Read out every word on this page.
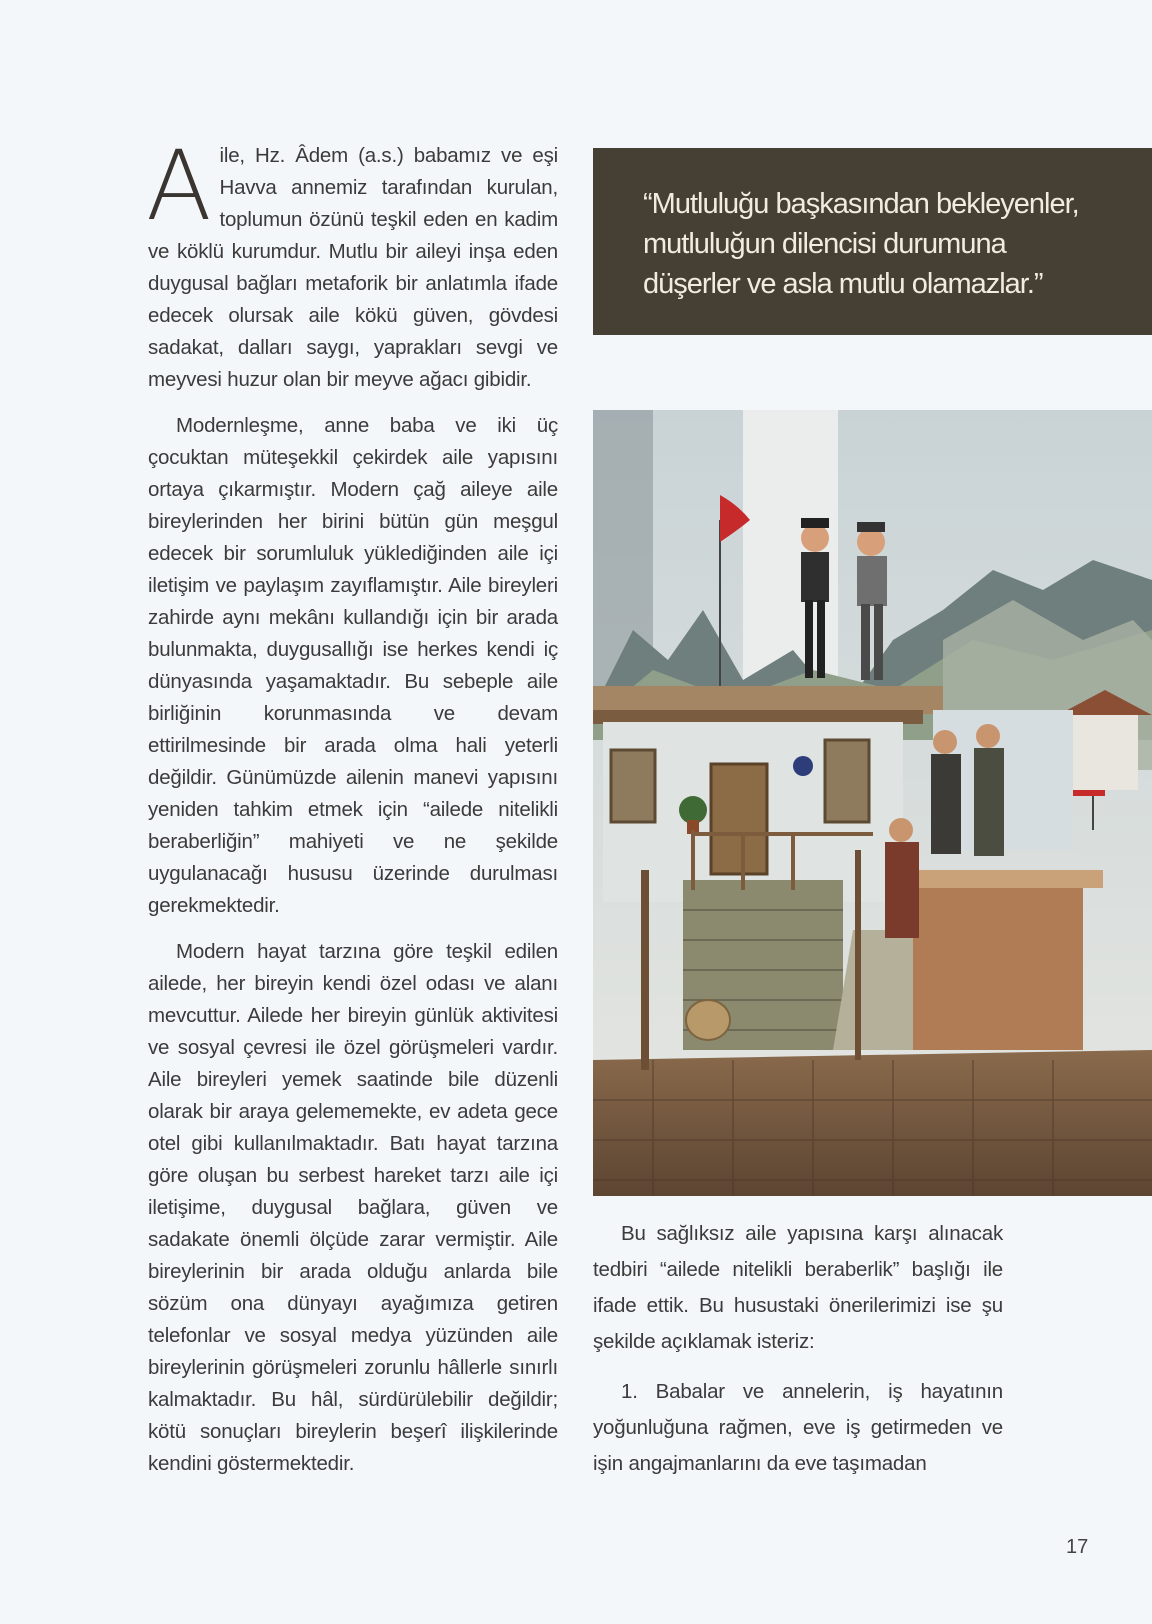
Aile, Hz. Âdem (a.s.) babamız ve eşi Havva annemiz tarafından kurulan, toplumun özünü teşkil eden en kadim ve köklü kurumdur. Mutlu bir aileyi inşa eden duygusal bağları metaforik bir anlatımla ifade edecek olursak aile kökü güven, gövdesi sadakat, dalları saygı, yaprakları sevgi ve meyvesi huzur olan bir meyve ağacı gibidir.

Modernleşme, anne baba ve iki üç çocuktan müteşekkil çekirdek aile yapısını ortaya çıkarmıştır. Modern çağ aileye aile bireylerinden her birini bütün gün meşgul edecek bir sorumluluk yüklediğinden aile içi iletişim ve paylaşım zayıflamıştır. Aile bireyleri zahirde aynı mekânı kullandığı için bir arada bulunmakta, duygusallığı ise herkes kendi iç dünyasında yaşamaktadır. Bu sebeple aile birliğinin korunmasında ve devam ettirilmesinde bir arada olma hali yeterli değildir. Günümüzde ailenin manevi yapısını yeniden tahkim etmek için “ailede nitelikli beraberliğin” mahiyeti ve ne şekilde uygulanacağı hususu üzerinde durulması gerekmektedir.

Modern hayat tarzına göre teşkil edilen ailede, her bireyin kendi özel odası ve alanı mevcuttur. Ailede her bireyin günlük aktivitesi ve sosyal çevresi ile özel görüşmeleri vardır. Aile bireyleri yemek saatinde bile düzenli olarak bir araya gelememekte, ev adeta gece otel gibi kullanılmaktadır. Batı hayat tarzına göre oluşan bu serbest hareket tarzı aile içi iletişime, duygusal bağlara, güven ve sadakate önemli ölçüde zarar vermiştir. Aile bireylerinin bir arada olduğu anlarda bile sözüm ona dünyayı ayağımıza getiren telefonlar ve sosyal medya yüzünden aile bireylerinin görüşmeleri zorunlu hâllerle sınırlı kalmaktadır. Bu hâl, sürdürülebilir değildir; kötü sonuçları bireylerin beşerî ilişkilerinde kendini göstermektedir.

“Mutluluğu başkasından bekleyenler, mutluluğun dilencisi durumuna düşerler ve asla mutlu olamazlar.”

Bu sağlıksız aile yapısına karşı alınacak tedbiri “ailede nitelikli beraberlik” başlığı ile ifade ettik. Bu husustaki önerilerimizi ise şu şekilde açıklamak isteriz:

1. Babalar ve annelerin, iş hayatının yoğunluğuna rağmen, eve iş getirmeden ve işin angajmanlarını da eve taşımadan

17
